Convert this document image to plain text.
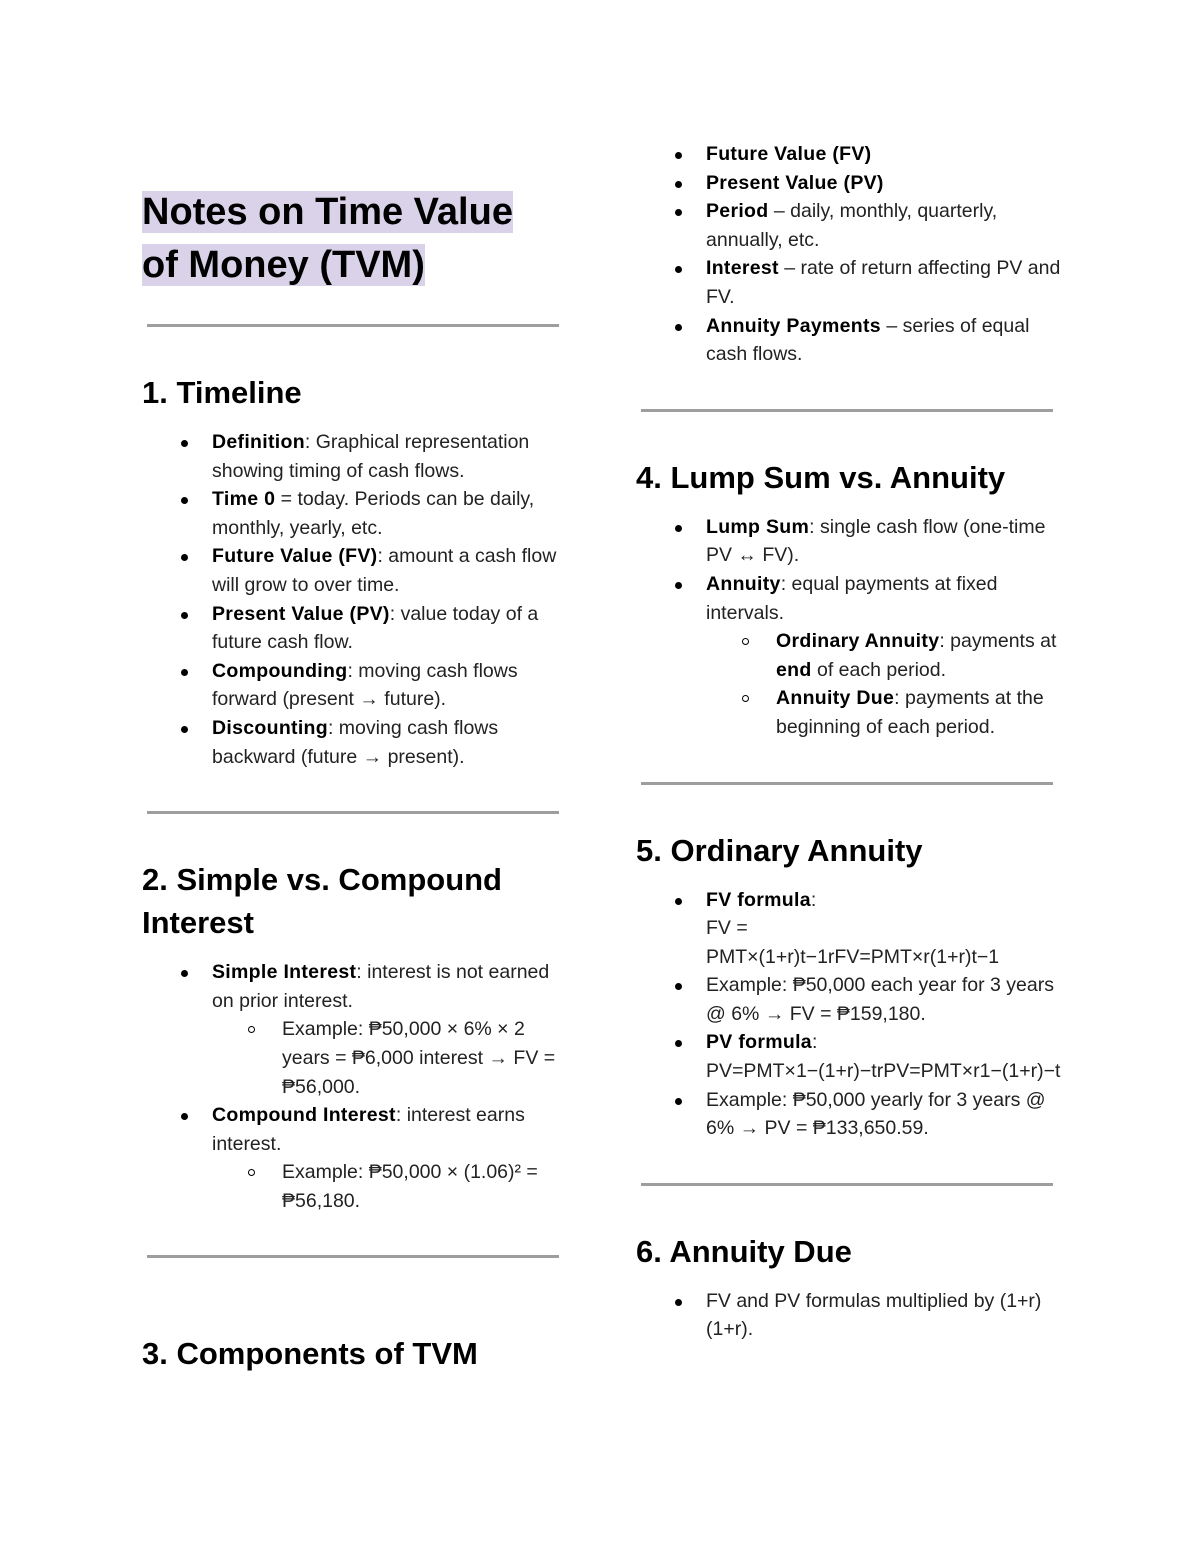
Notes on Time Value
of Money (TVM)
1. Timeline
Definition: Graphical representation showing timing of cash flows.
Time 0 = today. Periods can be daily, monthly, yearly, etc.
Future Value (FV): amount a cash flow will grow to over time.
Present Value (PV): value today of a future cash flow.
Compounding: moving cash flows forward (present → future).
Discounting: moving cash flows backward (future → present).
2. Simple vs. Compound
Interest
Simple Interest: interest is not earned on prior interest.
Example: ₱50,000 × 6% × 2 years = ₱6,000 interest → FV = ₱56,000.
Compound Interest: interest earns interest.
Example: ₱50,000 × (1.06)² = ₱56,180.
3. Components of TVM
Future Value (FV)
Present Value (PV)
Period – daily, monthly, quarterly, annually, etc.
Interest – rate of return affecting PV and FV.
Annuity Payments – series of equal cash flows.
4. Lump Sum vs. Annuity
Lump Sum: single cash flow (one-time PV ↔ FV).
Annuity: equal payments at fixed intervals.
Ordinary Annuity: payments at end of each period.
Annuity Due: payments at the beginning of each period.
5. Ordinary Annuity
FV formula:
FV =
PMT×(1+r)t−1rFV=PMT×r(1+r)t−1
Example: ₱50,000 each year for 3 years @ 6% → FV = ₱159,180.
PV formula:
PV=PMT×1−(1+r)−trPV=PMT×r1−(1+r)−t
Example: ₱50,000 yearly for 3 years @ 6% → PV = ₱133,650.59.
6. Annuity Due
FV and PV formulas multiplied by (1+r)(1+r).
